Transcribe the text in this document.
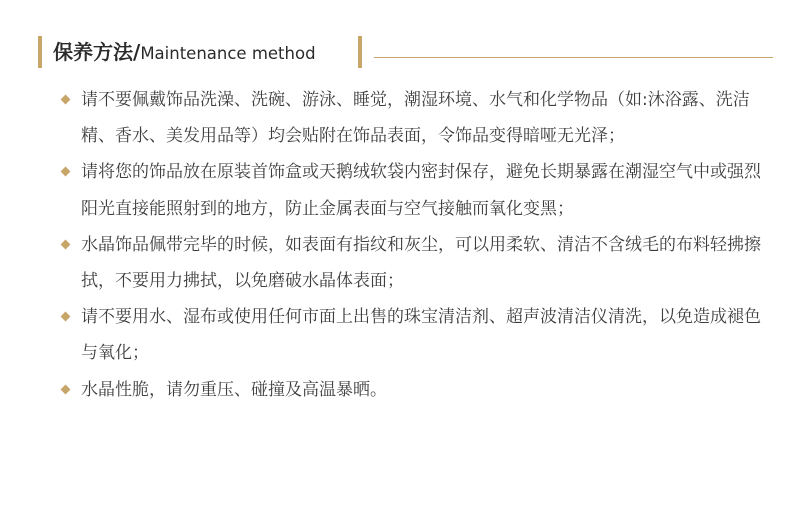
保养方法/Maintenance method
请不要佩戴饰品洗澡、洗碗、游泳、睡觉，潮湿环境、水气和化学物品（如:沐浴露、洗洁精、香水、美发用品等）均会贴附在饰品表面，令饰品变得暗哑无光泽；
请将您的饰品放在原装首饰盒或天鹅绒软袋内密封保存，避免长期暴露在潮湿空气中或强烈阳光直接能照射到的地方，防止金属表面与空气接触而氧化变黑；
水晶饰品佩带完毕的时候，如表面有指纹和灰尘，可以用柔软、清洁不含绒毛的布料轻拂擦拭，不要用力拂拭，以免磨破水晶体表面；
请不要用水、湿布或使用任何市面上出售的珠宝清洁剂、超声波清洁仪清洗，以免造成褪色与氧化；
水晶性脆，请勿重压、碰撞及高温暴晒。
